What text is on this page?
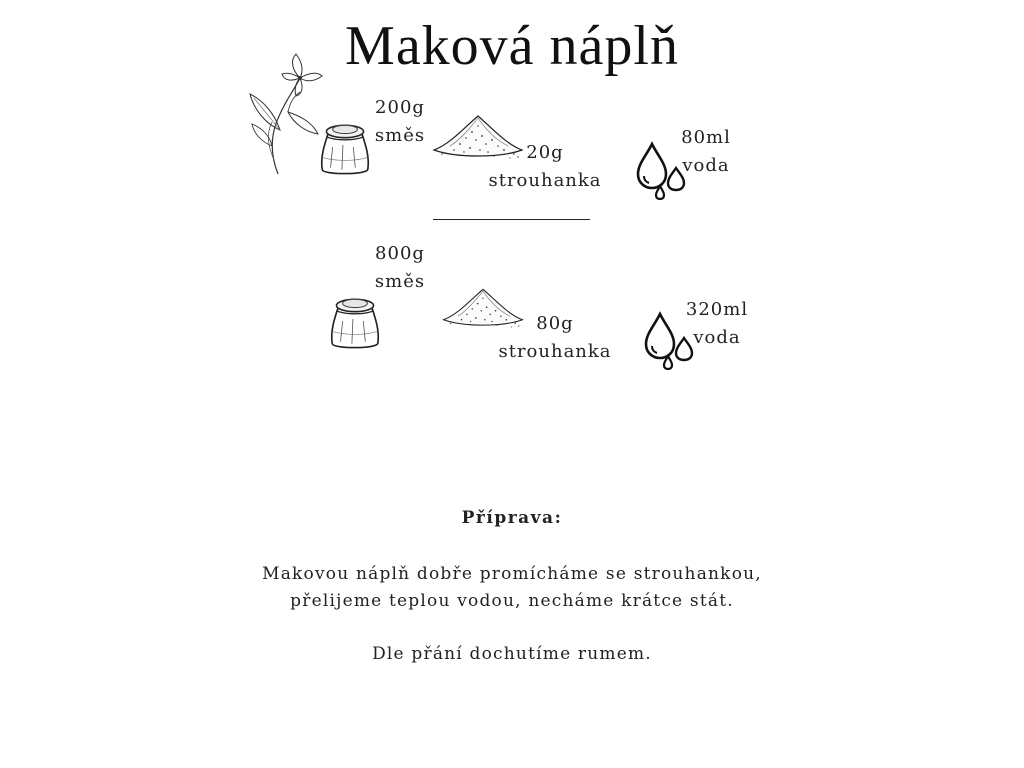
Maková náplň
200g
směs
20g
strouhanka
80ml
voda
800g
směs
80g
strouhanka
320ml
voda
Příprava:
Makovou náplň dobře promícháme se strouhankou,
přelijeme teplou vodou, necháme krátce stát.
Dle přání dochutíme rumem.
